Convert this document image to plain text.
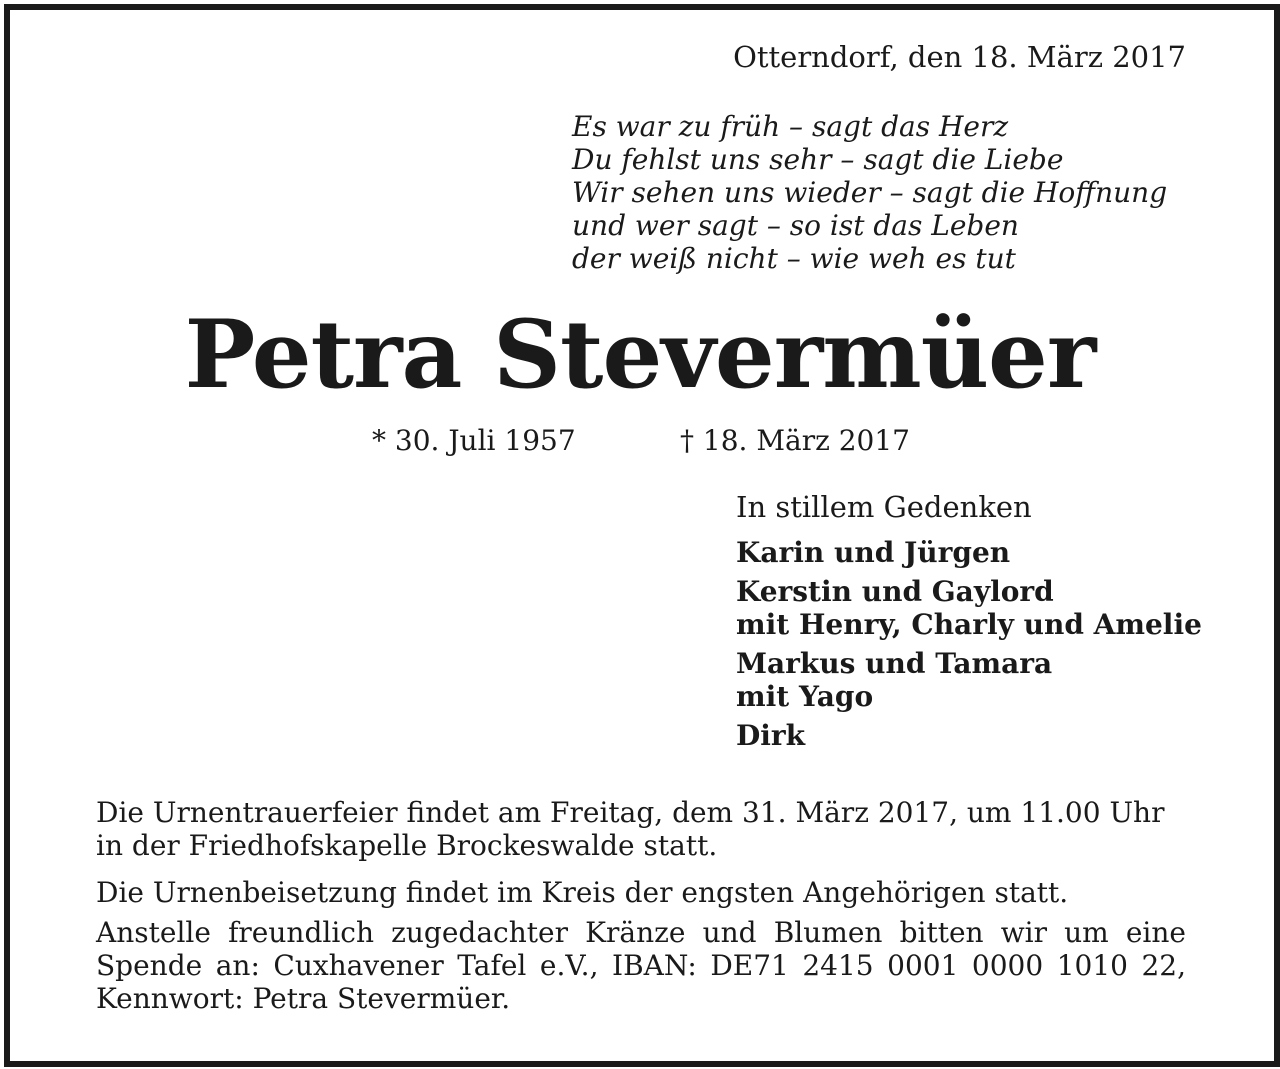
Otterndorf, den 18. März 2017
Es war zu früh – sagt das Herz
Du fehlst uns sehr – sagt die Liebe
Wir sehen uns wieder – sagt die Hoffnung
und wer sagt – so ist das Leben
der weiß nicht – wie weh es tut
Petra Stevermüer
* 30. Juli 1957	† 18. März 2017
In stillem Gedenken
Karin und Jürgen
Kerstin und Gaylord
mit Henry, Charly und Amelie
Markus und Tamara
mit Yago
Dirk
Die Urnentrauerfeier findet am Freitag, dem 31. März 2017, um 11.00 Uhr in der Friedhofskapelle Brockeswalde statt.
Die Urnenbeisetzung findet im Kreis der engsten Angehörigen statt.
Anstelle freundlich zugedachter Kränze und Blumen bitten wir um eine Spende an: Cuxhavener Tafel e.V., IBAN: DE71 2415 0001 0000 1010 22, Kennwort: Petra Stevermüer.
